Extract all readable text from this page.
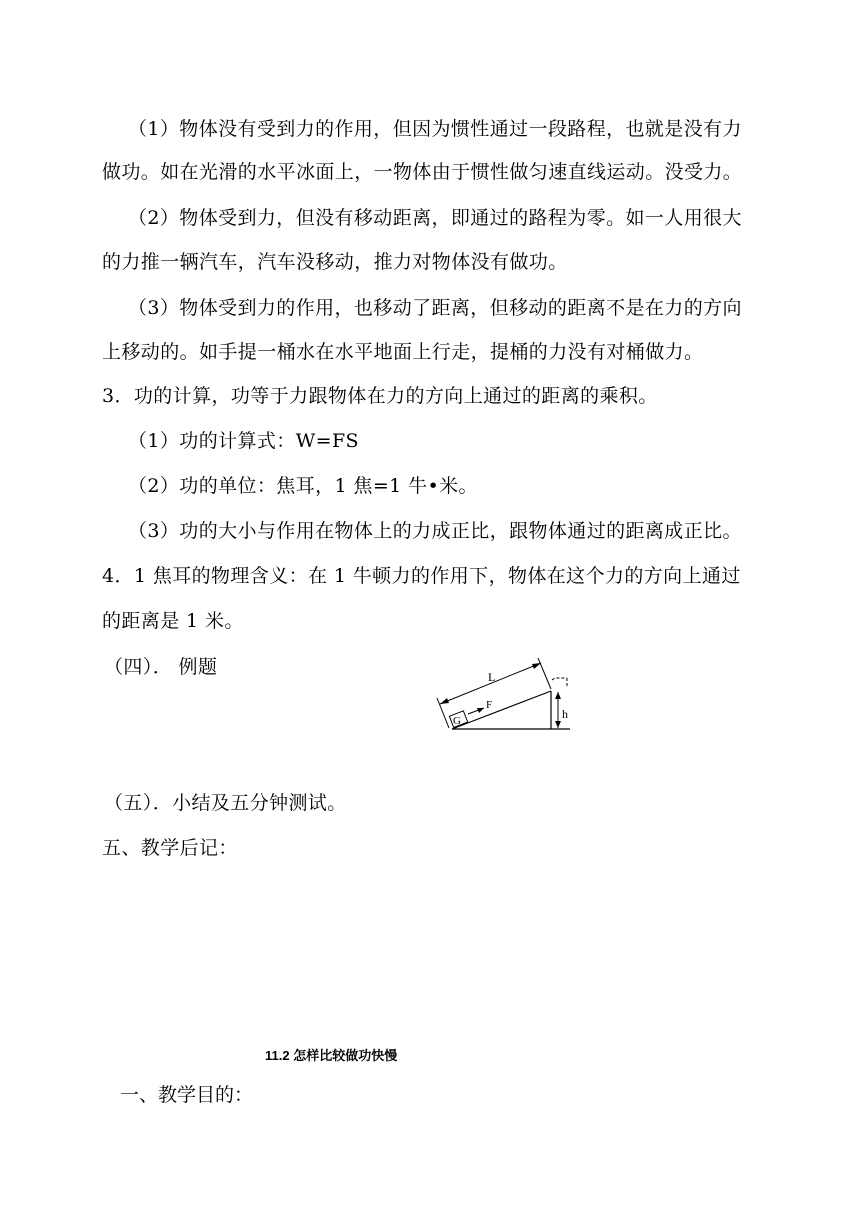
（1）物体没有受到力的作用，但因为惯性通过一段路程，也就是没有力
做功。如在光滑的水平冰面上，一物体由于惯性做匀速直线运动。没受力。
（2）物体受到力，但没有移动距离，即通过的路程为零。如一人用很大
的力推一辆汽车，汽车没移动，推力对物体没有做功。
（3）物体受到力的作用，也移动了距离，但移动的距离不是在力的方向
上移动的。如手提一桶水在水平地面上行走，提桶的力没有对桶做力。
3．功的计算，功等于力跟物体在力的方向上通过的距离的乘积。
（1）功的计算式：W=FS
（2）功的单位：焦耳，1 焦=1 牛•米。
（3）功的大小与作用在物体上的力成正比，跟物体通过的距离成正比。
4．1 焦耳的物理含义：在 1 牛顿力的作用下，物体在这个力的方向上通过
的距离是 1 米。
（四）． 例题	L
h
G
F
（五）．小结及五分钟测试。
五、教学后记：
11.2 怎样比较做功快慢
一、教学目的：
